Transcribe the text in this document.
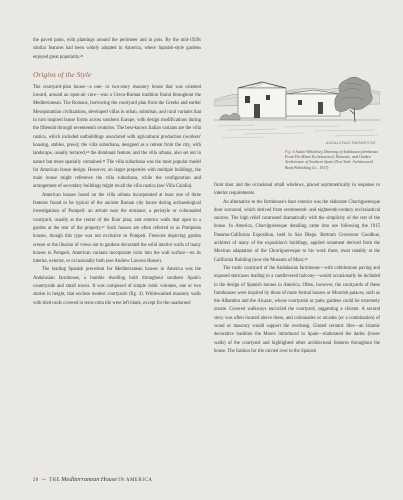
the paved patio, with plantings around the perimeter and in pots. By the mid-1920s similar features had been widely adopted in America, where Spanish-style gardens enjoyed great popularity.²³

Origins of the Style

The courtyard-plan house—a one- or two-story masonry house that was oriented inward, around an open-air core—was a Greco-Roman tradition found throughout the Mediterranean. The Romans, borrowing the courtyard plan from the Greeks and earlier Mesopotamian civilizations, developed villas in urban, suburban, and rural variants that in turn inspired house forms across southern Europe, with design modifications during the fifteenth through seventeenth centuries. The best-known Italian variants are the villa rustica, which included outbuildings associated with agricultural production (workers' housing, stables, press); the villa suburbana, designed as a retreat from the city, with landscape, usually terraced,²⁴ the dominant feature; and the villa urbana, also set out in nature but more spatially contained.²⁵ The villa suburbana was the most popular model for American house design. However, on larger properties with multiple buildings, the main house might reference the villa suburbana, while the configuration and arrangement of secondary buildings might recall the villa rustica (see Villa Calafia).

American houses based on the villa urbana incorporated at least one of three features found to be typical of the ancient Roman city house during archaeological investigations of Pompeii: an atrium near the entrance; a peristyle or colonnaded courtyard, usually at the center of the floor plan; and exterior walls that open to a garden at the rear of the property.²⁶ Such houses are often referred to as Pompeian houses, though this type was not exclusive to Pompeii. Frescoes depicting garden scenes or the illusion of views out to gardens decorated the solid interior walls of many houses in Pompeii. American variants incorporate color into the wall surface—on its interior, exterior, or occasionally both (see Andrew Lawson House).

The leading Spanish precedent for Mediterranean houses in America was the Andalusian farmhouse, a humble dwelling built throughout southern Spain's countryside and small towns. It was composed of simple cubic volumes, one or two stories in height, that enclose modest courtyards (fig. 4). Whitewashed masonry walls with tiled roofs covered in terra-cotta tile were left blank, except for the unadorned

ANDALUSIAN FARMHOUSE
Fig. 4 Austin Whittlesey, Drawing of Andalusian farmhouse. From The Minor Ecclesiastical, Domestic, and Garden Architecture of Southern Spain (New York: Architectural Book Publishing Co., 1917).

front door and the occasional small windows, placed asymmetrically in response to interior requirements.

An alternative to the farmhouse's bare exterior was the elaborate Churrigueresque door surround, which derived from seventeenth- and eighteenth-century ecclesiastical sources. The high relief contrasted dramatically with the simplicity of the rest of the house. In America, Churrigueresque detailing came into use following the 1915 Panama-California Exposition, held in San Diego. Bertram Grosvenor Goodhue, architect of many of the exposition's buildings, applied ornament derived from the Mexican adaptation of the Churrigueresque to his work there, most notably at the California Building (now the Museum of Man).²⁸

The rustic courtyard of the Andalusian farmhouse—with cobblestone paving and exposed staircases leading to a cantilevered balcony—would occasionally be included in the design of Spanish houses in America. Often, however, the courtyards of these farmhouses were inspired by those of more formal houses or Moorish palaces, such as the Alhambra and the Alcazar, whose courtyards or patio gardens could be extremely ornate. Covered walkways encircled the courtyard, suggesting a cloister. A second story was often located above these, and colonnades or arcades (or a combination) of wood or masonry would support the overhang. Glazed ceramic tiles—an Islamic decorative tradition the Moors introduced to Spain—elaborated the dados (lower walls) of the courtyard and highlighted other architectural features throughout the house. The fashion for tile carried over to the Spanish

20 ⇝ THE Mediterranean House IN AMERICA
